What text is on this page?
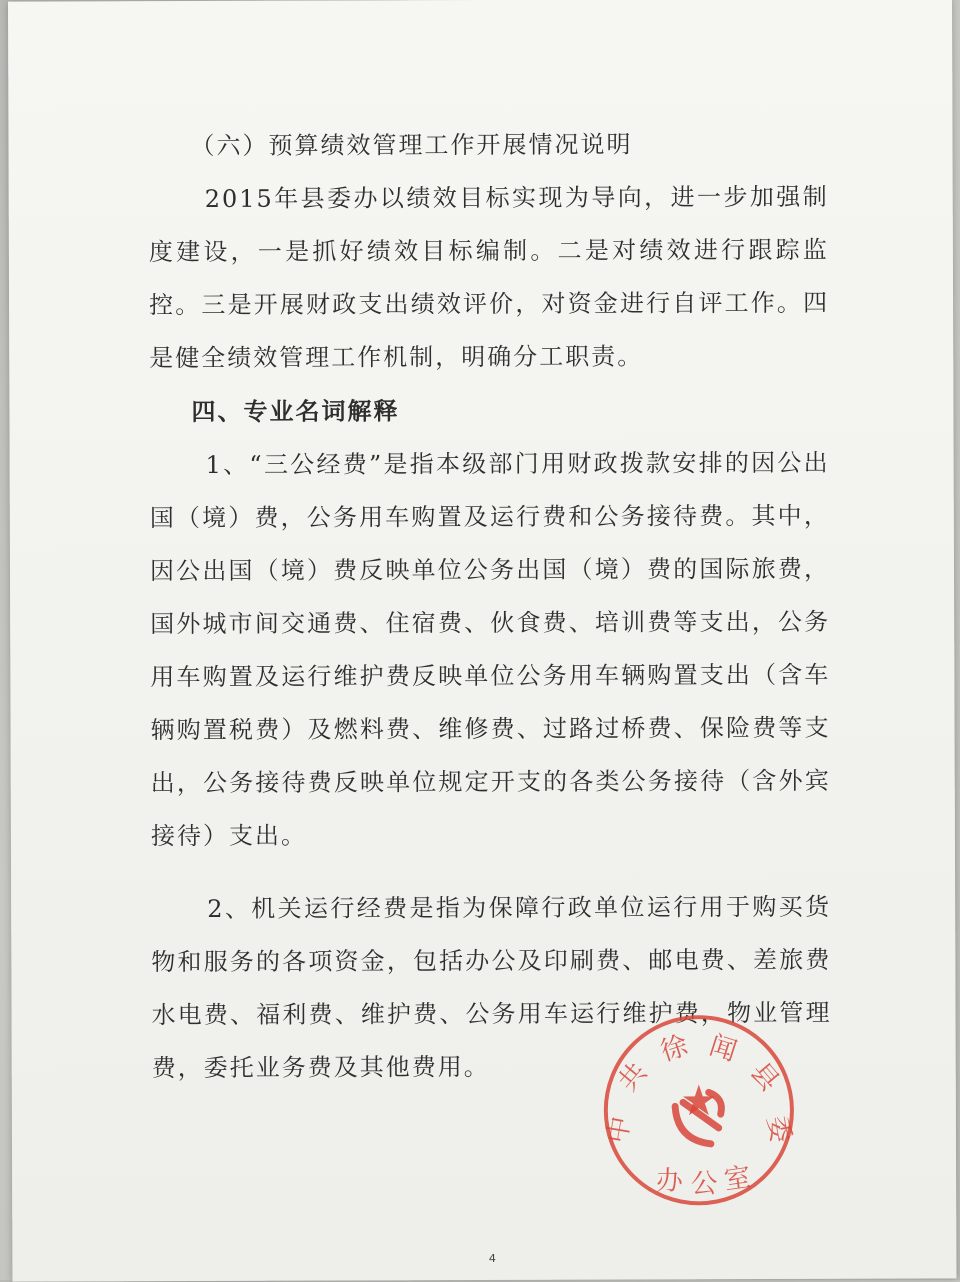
（六）预算绩效管理工作开展情况说明

2015年县委办以绩效目标实现为导向，进一步加强制度建设，一是抓好绩效目标编制。二是对绩效进行跟踪监控。三是开展财政支出绩效评价，对资金进行自评工作。四是健全绩效管理工作机制，明确分工职责。

四、专业名词解释

1、“三公经费”是指本级部门用财政拨款安排的因公出国（境）费，公务用车购置及运行费和公务接待费。其中，因公出国（境）费反映单位公务出国（境）费的国际旅费，国外城市间交通费、住宿费、伙食费、培训费等支出，公务用车购置及运行维护费反映单位公务用车辆购置支出（含车辆购置税费）及燃料费、维修费、过路过桥费、保险费等支出，公务接待费反映单位规定开支的各类公务接待（含外宾接待）支出。

2、机关运行经费是指为保障行政单位运行用于购买货物和服务的各项资金，包括办公及印刷费、邮电费、差旅费水电费、福利费、维护费、公务用车运行维护费，物业管理费，委托业务费及其他费用。

中
共
徐 闻
县
委
办 公 室
4
